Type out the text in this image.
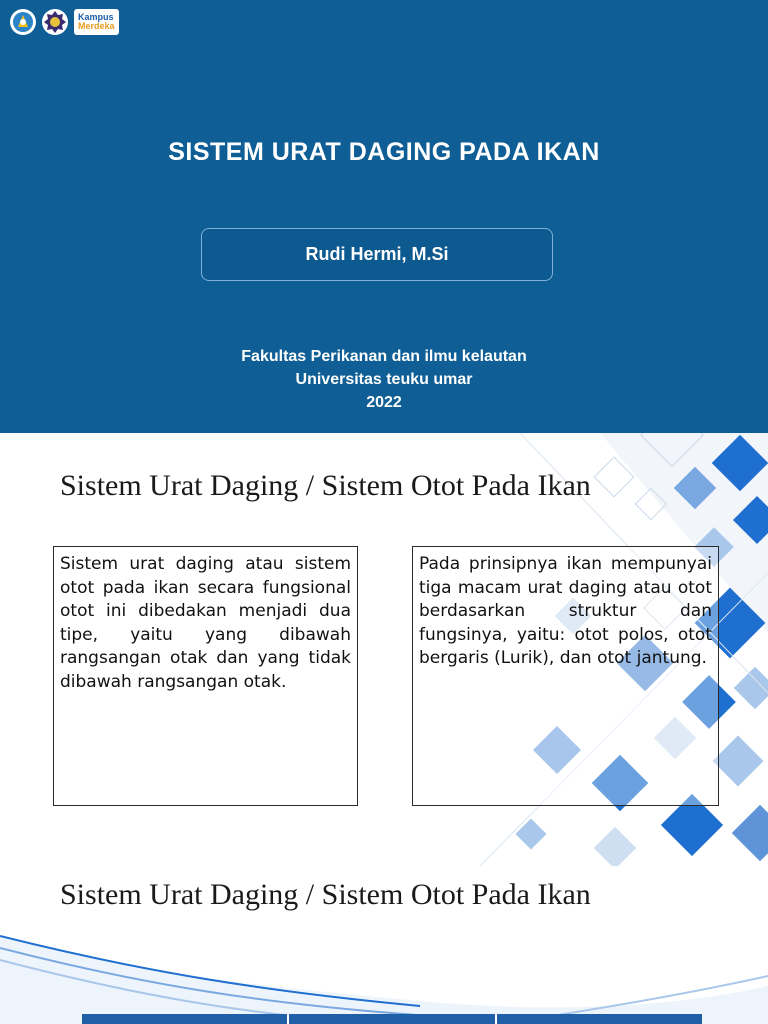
Kampus
Merdeka
SISTEM URAT DAGING PADA IKAN
Rudi Hermi, M.Si
Fakultas Perikanan dan ilmu kelautan
Universitas teuku umar
2022
Sistem Urat Daging / Sistem Otot Pada Ikan
Sistem urat daging atau sistem otot pada ikan secara fungsional otot ini dibedakan menjadi dua tipe, yaitu yang dibawah rangsangan otak dan yang tidak dibawah rangsangan otak.
Pada prinsipnya ikan mempunyai tiga macam urat daging atau otot berdasarkan struktur dan fungsinya, yaitu: otot polos, otot bergaris (Lurik), dan otot jantung.
Sistem Urat Daging / Sistem Otot Pada Ikan
